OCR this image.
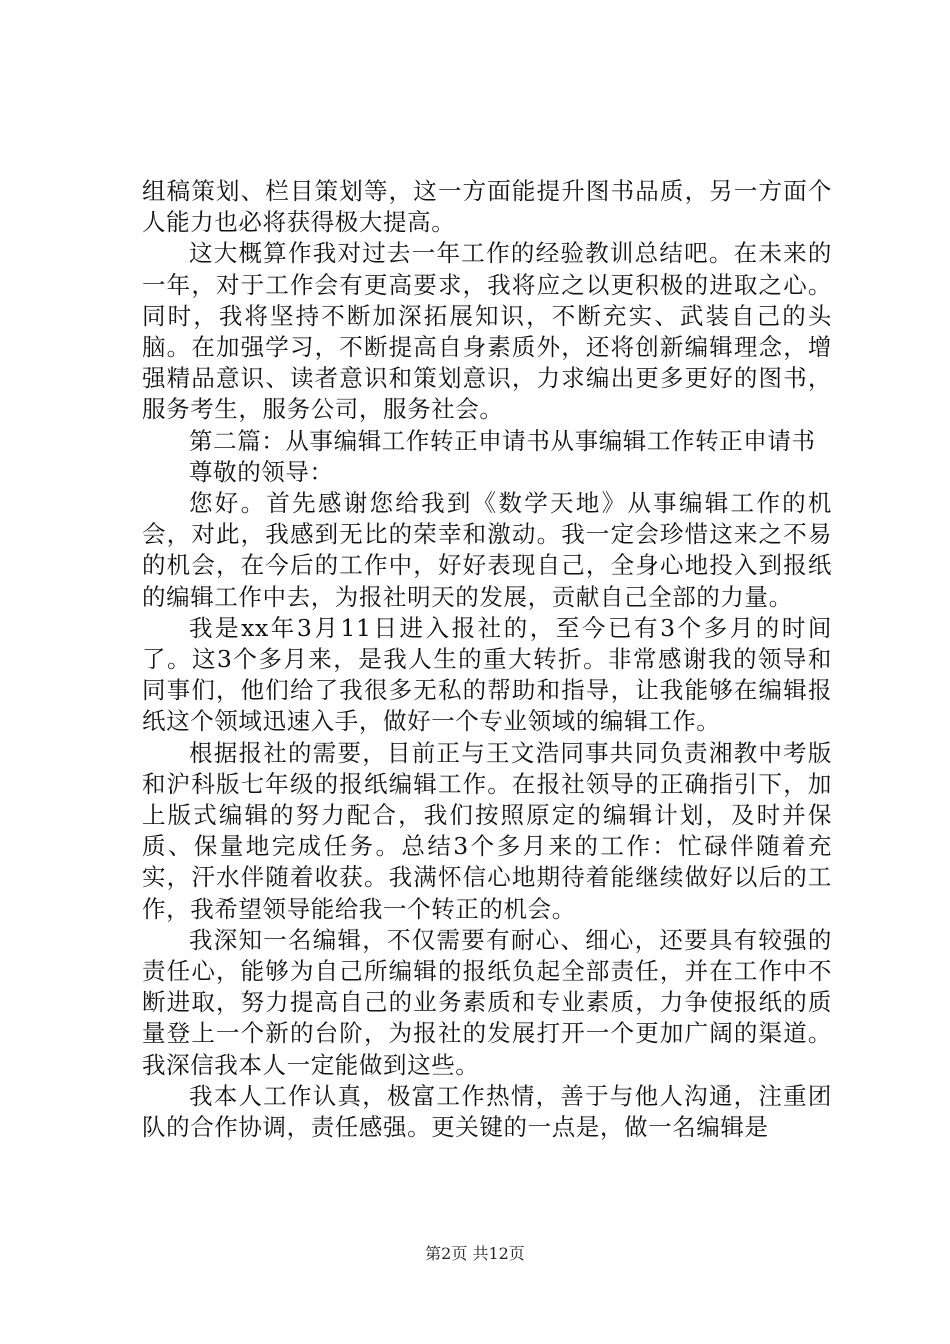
组稿策划、栏目策划等，这一方面能提升图书品质，另一方面个人能力也必将获得极大提高。

这大概算作我对过去一年工作的经验教训总结吧。在未来的一年，对于工作会有更高要求，我将应之以更积极的进取之心。同时，我将坚持不断加深拓展知识，不断充实、武装自己的头脑。在加强学习，不断提高自身素质外，还将创新编辑理念，增强精品意识、读者意识和策划意识，力求编出更多更好的图书，服务考生，服务公司，服务社会。

第二篇：从事编辑工作转正申请书从事编辑工作转正申请书

尊敬的领导：

您好。首先感谢您给我到《数学天地》从事编辑工作的机会，对此，我感到无比的荣幸和激动。我一定会珍惜这来之不易的机会，在今后的工作中，好好表现自己，全身心地投入到报纸的编辑工作中去，为报社明天的发展，贡献自己全部的力量。

我是xx年3月11日进入报社的，至今已有3个多月的时间了。这3个多月来，是我人生的重大转折。非常感谢我的领导和同事们，他们给了我很多无私的帮助和指导，让我能够在编辑报纸这个领域迅速入手，做好一个专业领域的编辑工作。

根据报社的需要，目前正与王文浩同事共同负责湘教中考版和沪科版七年级的报纸编辑工作。在报社领导的正确指引下，加上版式编辑的努力配合，我们按照原定的编辑计划，及时并保质、保量地完成任务。总结3个多月来的工作：忙碌伴随着充实，汗水伴随着收获。我满怀信心地期待着能继续做好以后的工作，我希望领导能给我一个转正的机会。

我深知一名编辑，不仅需要有耐心、细心，还要具有较强的责任心，能够为自己所编辑的报纸负起全部责任，并在工作中不断进取，努力提高自己的业务素质和专业素质，力争使报纸的质量登上一个新的台阶，为报社的发展打开一个更加广阔的渠道。我深信我本人一定能做到这些。

我本人工作认真，极富工作热情，善于与他人沟通，注重团队的合作协调，责任感强。更关键的一点是，做一名编辑是

第2页 共12页
